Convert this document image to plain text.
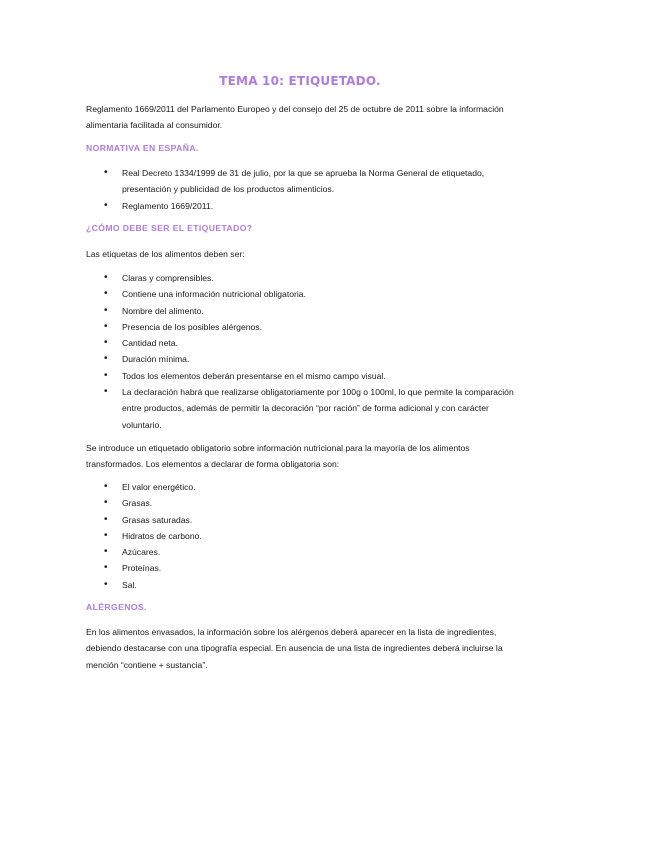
TEMA 10: ETIQUETADO.
Reglamento 1669/2011 del Parlamento Europeo y del consejo del 25 de octubre de 2011 sobre la información alimentaria facilitada al consumidor.
NORMATIVA EN ESPAÑA.
• Real Decreto 1334/1999 de 31 de julio, por la que se aprueba la Norma General de etiquetado, presentación y publicidad de los productos alimenticios.
• Reglamento 1669/2011.
¿CÓMO DEBE SER EL ETIQUETADO?
Las etiquetas de los alimentos deben ser:
• Claras y comprensibles.
• Contiene una información nutricional obligatoria.
• Nombre del alimento.
• Presencia de los posibles alérgenos.
• Cantidad neta.
• Duración mínima.
• Todos los elementos deberán presentarse en el mismo campo visual.
• La declaración habrá que realizarse obligatoriamente por 100g o 100ml, lo que permite la comparación entre productos, además de permitir la decoración “por ración” de forma adicional y con carácter voluntario.
Se introduce un etiquetado obligatorio sobre información nutricional para la mayoría de los alimentos transformados. Los elementos a declarar de forma obligatoria son:
• El valor energético.
• Grasas.
• Grasas saturadas.
• Hidratos de carbono.
• Azúcares.
• Proteínas.
• Sal.
ALÉRGENOS.
En los alimentos envasados, la información sobre los alérgenos deberá aparecer en la lista de ingredientes, debiendo destacarse con una tipografía especial. En ausencia de una lista de ingredientes deberá incluirse la mención “contiene + sustancia”.
